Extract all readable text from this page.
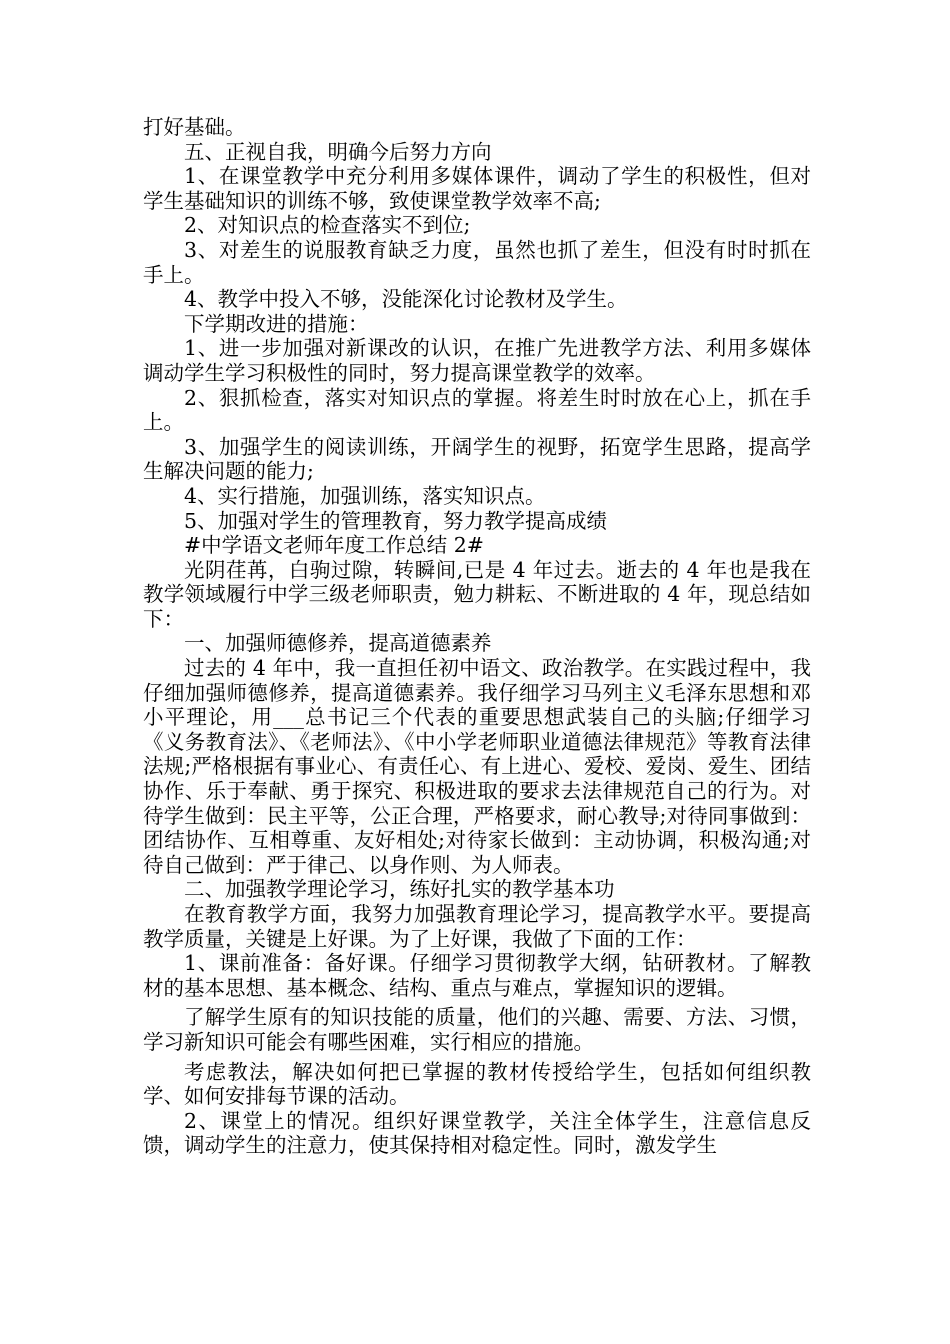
打好基础。

五、正视自我，明确今后努力方向

1、在课堂教学中充分利用多媒体课件，调动了学生的积极性，但对学生基础知识的训练不够，致使课堂教学效率不高;

2、对知识点的检查落实不到位;

3、对差生的说服教育缺乏力度，虽然也抓了差生，但没有时时抓在手上。

4、教学中投入不够，没能深化讨论教材及学生。

下学期改进的措施：

1、进一步加强对新课改的认识，在推广先进教学方法、利用多媒体调动学生学习积极性的同时，努力提高课堂教学的效率。

2、狠抓检查，落实对知识点的掌握。将差生时时放在心上，抓在手上。

3、加强学生的阅读训练，开阔学生的视野，拓宽学生思路，提高学生解决问题的能力;

4、实行措施，加强训练，落实知识点。

5、加强对学生的管理教育，努力教学提高成绩

#中学语文老师年度工作总结 2#

光阴荏苒，白驹过隙，转瞬间,已是 4 年过去。逝去的 4 年也是我在教学领域履行中学三级老师职责，勉力耕耘、不断进取的 4 年，现总结如下：

一、加强师德修养，提高道德素养

过去的 4 年中，我一直担任初中语文、政治教学。在实践过程中，我仔细加强师德修养，提高道德素养。我仔细学习马列主义毛泽东思想和邓小平理论，用___总书记三个代表的重要思想武装自己的头脑;仔细学习《义务教育法》、《老师法》、《中小学老师职业道德法律规范》等教育法律法规;严格根据有事业心、有责任心、有上进心、爱校、爱岗、爱生、团结协作、乐于奉献、勇于探究、积极进取的要求去法律规范自己的行为。对待学生做到：民主平等，公正合理，严格要求，耐心教导;对待同事做到：团结协作、互相尊重、友好相处;对待家长做到：主动协调，积极沟通;对待自己做到：严于律己、以身作则、为人师表。

二、加强教学理论学习，练好扎实的教学基本功

在教育教学方面，我努力加强教育理论学习，提高教学水平。要提高教学质量，关键是上好课。为了上好课，我做了下面的工作：

1、课前准备：备好课。仔细学习贯彻教学大纲，钻研教材。了解教材的基本思想、基本概念、结构、重点与难点，掌握知识的逻辑。

了解学生原有的知识技能的质量，他们的兴趣、需要、方法、习惯，学习新知识可能会有哪些困难，实行相应的措施。

考虑教法，解决如何把已掌握的教材传授给学生，包括如何组织教学、如何安排每节课的活动。

2、课堂上的情况。组织好课堂教学，关注全体学生，注意信息反馈，调动学生的注意力，使其保持相对稳定性。同时，激发学生
